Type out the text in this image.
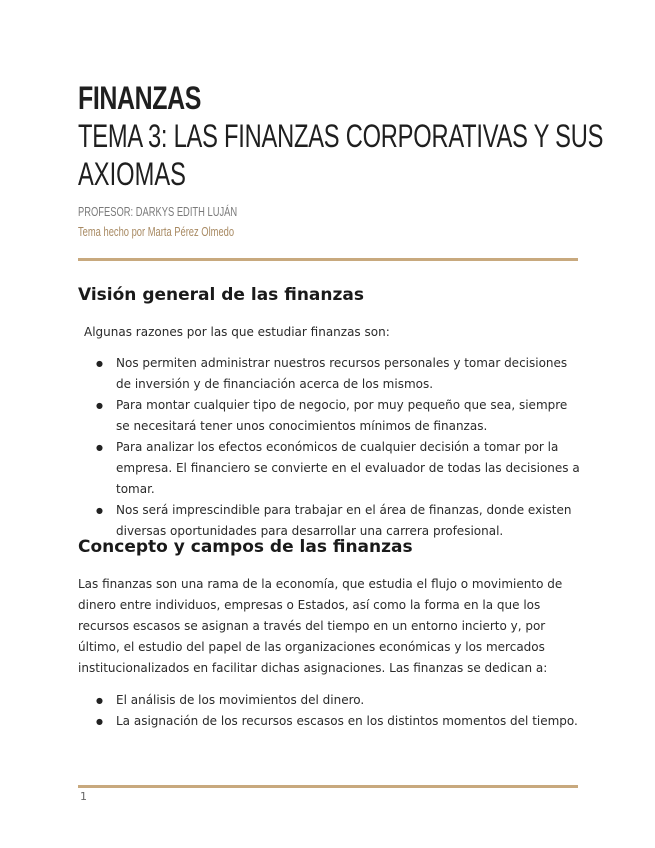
FINANZAS
TEMA 3: LAS FINANZAS CORPORATIVAS Y SUS
AXIOMAS
PROFESOR: DARKYS EDITH LUJÁN
Tema hecho por Marta Pérez Olmedo
Visión general de las finanzas

Algunas razones por las que estudiar finanzas son:

● Nos permiten administrar nuestros recursos personales y tomar decisiones de inversión y de financiación acerca de los mismos.
● Para montar cualquier tipo de negocio, por muy pequeño que sea, siempre se necesitará tener unos conocimientos mínimos de finanzas.
● Para analizar los efectos económicos de cualquier decisión a tomar por la empresa. El financiero se convierte en el evaluador de todas las decisiones a tomar.
● Nos será imprescindible para trabajar en el área de finanzas, donde existen diversas oportunidades para desarrollar una carrera profesional.
Concepto y campos de las finanzas

Las finanzas son una rama de la economía, que estudia el flujo o movimiento de dinero entre individuos, empresas o Estados, así como la forma en la que los recursos escasos se asignan a través del tiempo en un entorno incierto y, por último, el estudio del papel de las organizaciones económicas y los mercados institucionalizados en facilitar dichas asignaciones. Las finanzas se dedican a:

● El análisis de los movimientos del dinero.
● La asignación de los recursos escasos en los distintos momentos del tiempo.
1
